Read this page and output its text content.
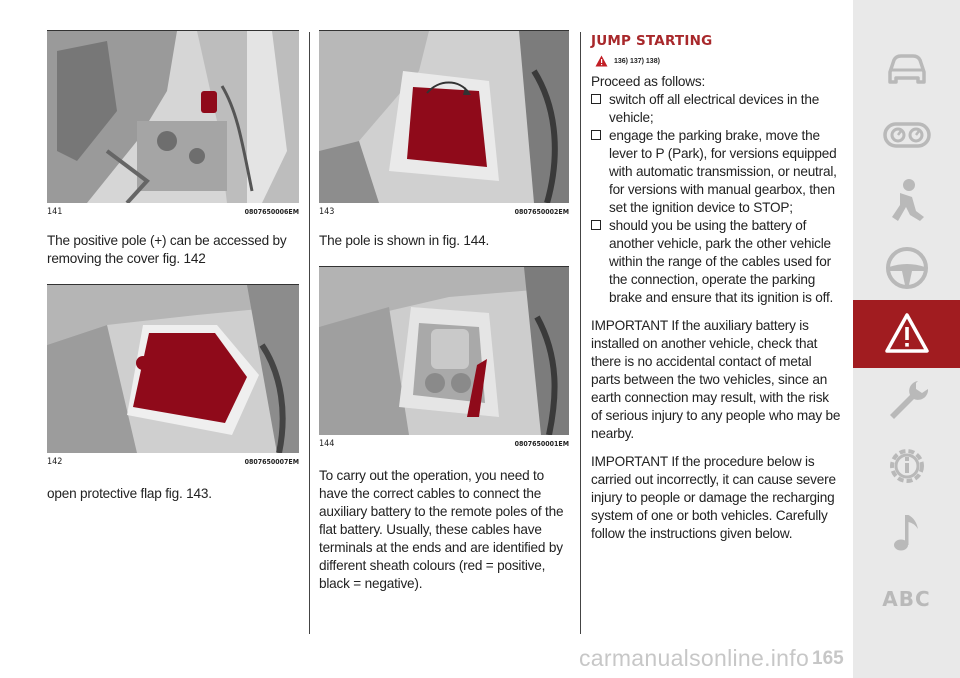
141	0807650006EM

The positive pole (+) can be accessed by removing the cover fig. 142

142	0807650007EM

open protective flap fig. 143.

143	0807650002EM

The pole is shown in fig. 144.

144	0807650001EM

To carry out the operation, you need to have the correct cables to connect the auxiliary battery to the remote poles of the flat battery. Usually, these cables have terminals at the ends and are identified by different sheath colours (red = positive, black = negative).

JUMP STARTING
136) 137) 138)

Proceed as follows:

switch off all electrical devices in the vehicle;

engage the parking brake, move the lever to P (Park), for versions equipped with automatic transmission, or neutral, for versions with manual gearbox, then set the ignition device to STOP;

should you be using the battery of another vehicle, park the other vehicle within the range of the cables used for the connection, operate the parking brake and ensure that its ignition is off.

IMPORTANT If the auxiliary battery is installed on another vehicle, check that there is no accidental contact of metal parts between the two vehicles, since an earth connection may result, with the risk of serious injury to any people who may be nearby.

IMPORTANT If the procedure below is carried out incorrectly, it can cause severe injury to people or damage the recharging system of one or both vehicles. Carefully follow the instructions given below.

ABC
carmanualsonline.info 165
